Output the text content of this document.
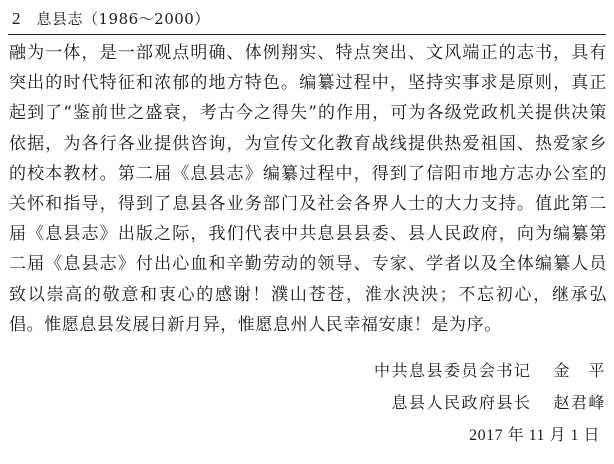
2 息县志（1986～2000）

融为一体，是一部观点明确、体例翔实、特点突出、文风端正的志书，具有突出的时代特征和浓郁的地方特色。编纂过程中，坚持实事求是原则，真正起到了“鉴前世之盛衰，考古今之得失”的作用，可为各级党政机关提供决策依据，为各行各业提供咨询，为宣传文化教育战线提供热爱祖国、热爱家乡的校本教材。第二届《息县志》编纂过程中，得到了信阳市地方志办公室的关怀和指导，得到了息县各业务部门及社会各界人士的大力支持。值此第二届《息县志》出版之际，我们代表中共息县县委、县人民政府，向为编纂第二届《息县志》付出心血和辛勤劳动的领导、专家、学者以及全体编纂人员致以崇高的敬意和衷心的感谢！濮山苍苍，淮水泱泱；不忘初心，继承弘倡。惟愿息县发展日新月异，惟愿息州人民幸福安康！是为序。

中共息县委员会书记 金　平
息县人民政府县长 赵君峰
2017 年 11 月 1 日
